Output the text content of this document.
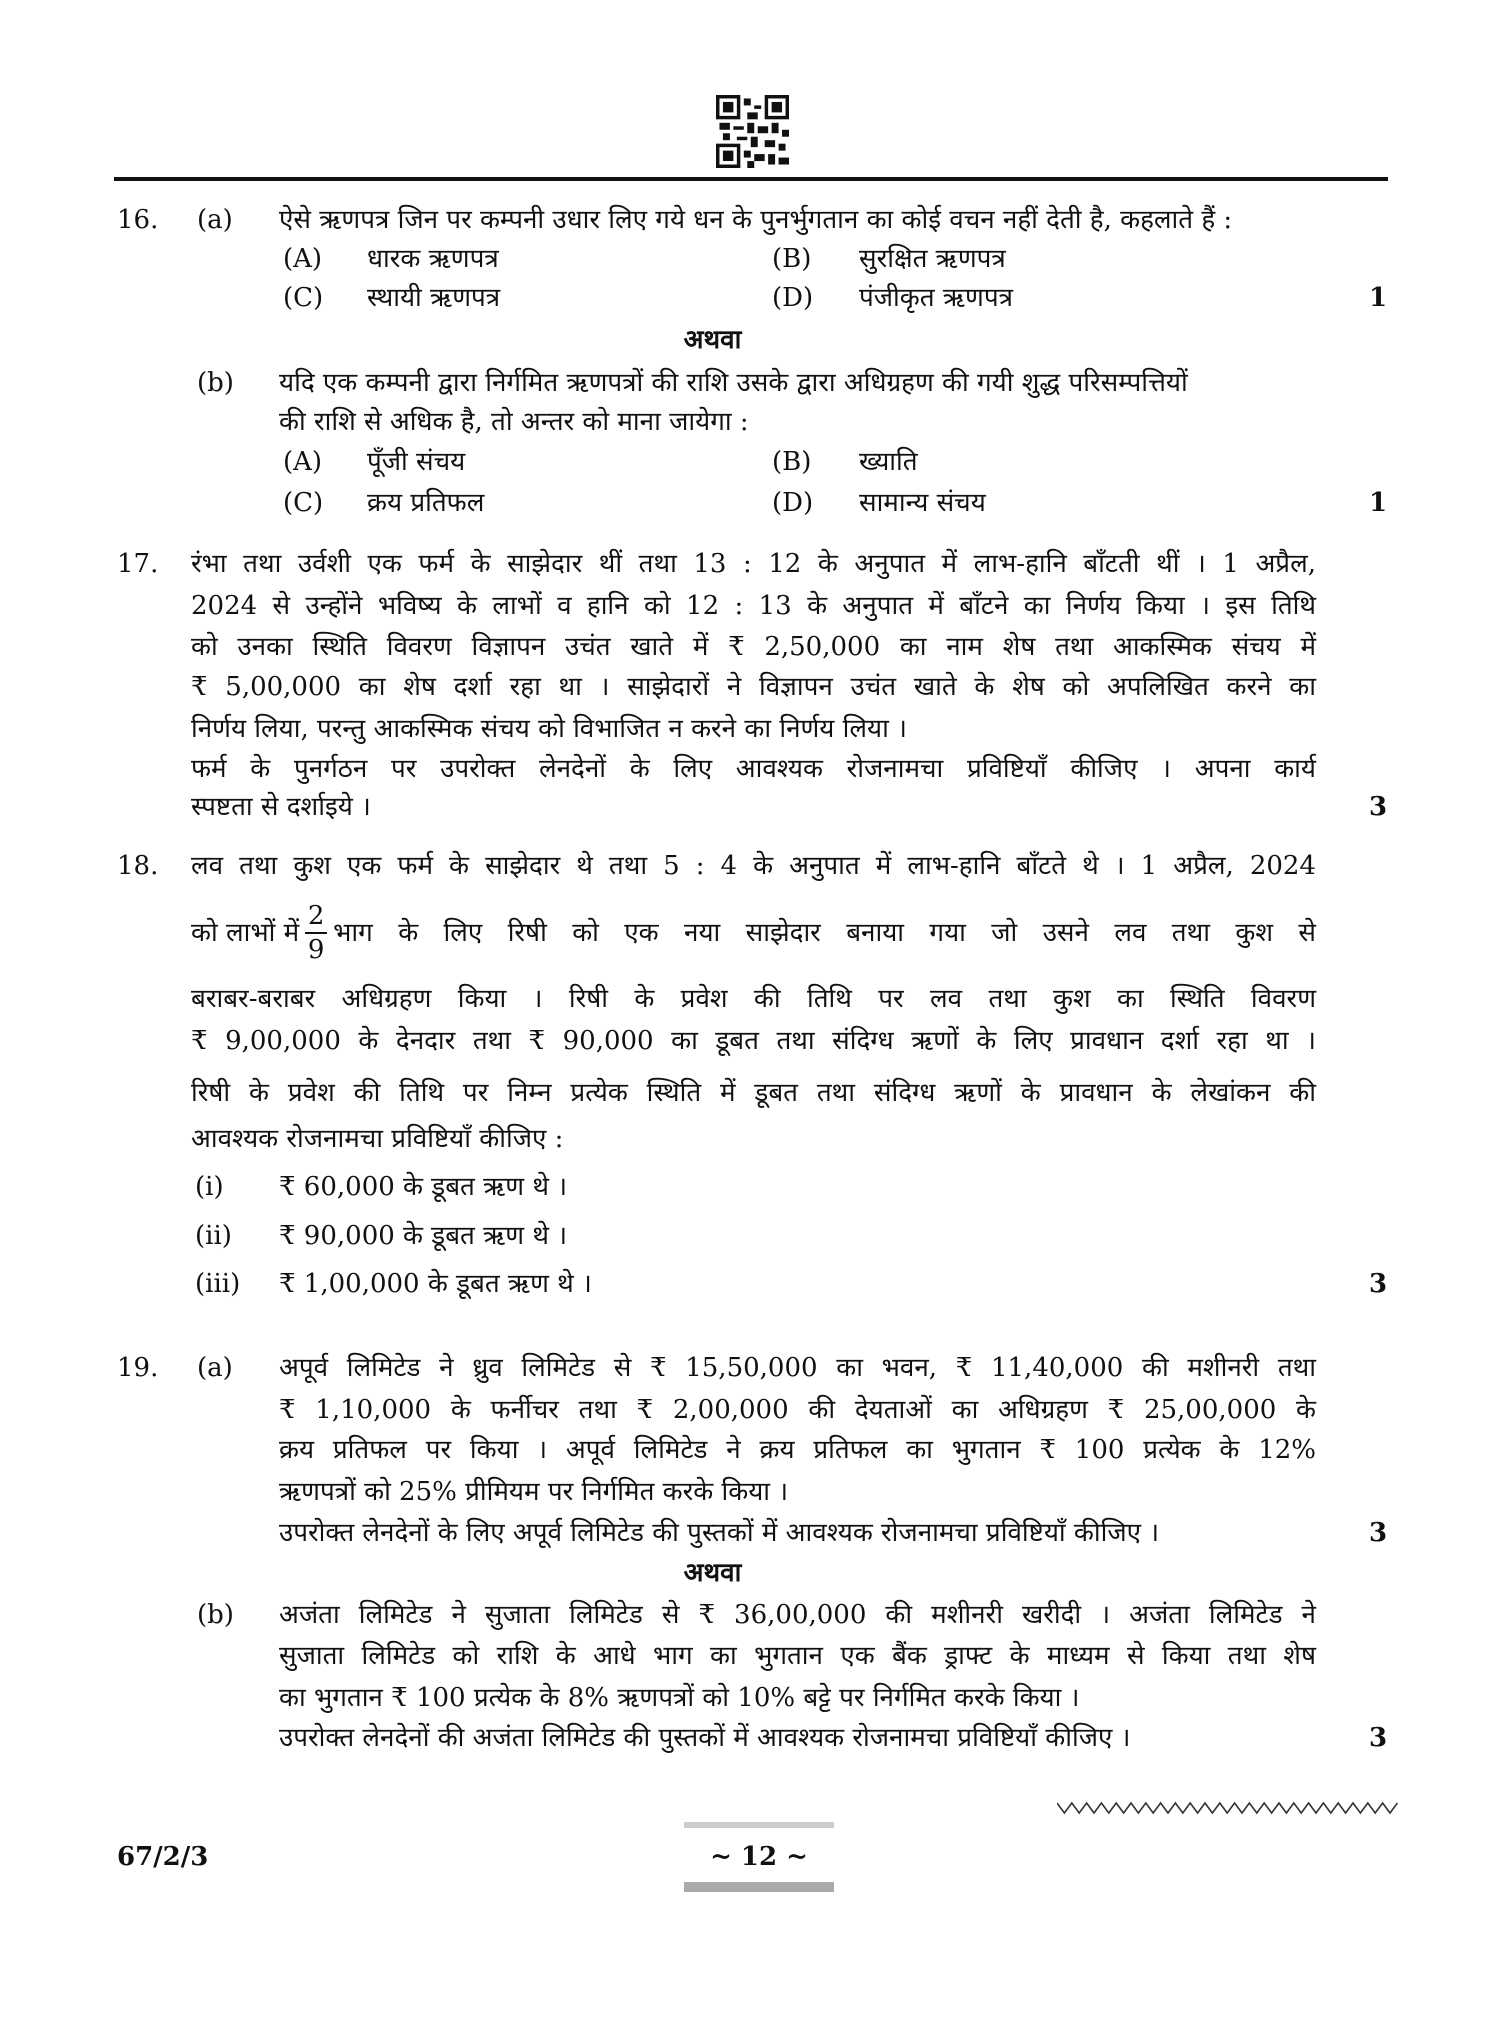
16. (a) ऐसे ऋणपत्र जिन पर कम्पनी उधार लिए गये धन के पुनर्भुगतान का कोई वचन नहीं देती है, कहलाते हैं :
(A) धारक ऋणपत्र	(B) सुरक्षित ऋणपत्र
(C) स्थायी ऋणपत्र	(D) पंजीकृत ऋणपत्र	1
अथवा
(b) यदि एक कम्पनी द्वारा निर्गमित ऋणपत्रों की राशि उसके द्वारा अधिग्रहण की गयी शुद्ध परिसम्पत्तियों
की राशि से अधिक है, तो अन्तर को माना जायेगा :
(A) पूँजी संचय	(B) ख्याति
(C) क्रय प्रतिफल	(D) सामान्य संचय	1
17. रंभा तथा उर्वशी एक फर्म के साझेदार थीं तथा 13 : 12 के अनुपात में लाभ-हानि बाँटती थीं । 1 अप्रैल,
2024 से उन्होंने भविष्य के लाभों व हानि को 12 : 13 के अनुपात में बाँटने का निर्णय किया । इस तिथि
को उनका स्थिति विवरण विज्ञापन उचंत खाते में ₹ 2,50,000 का नाम शेष तथा आकस्मिक संचय में
₹ 5,00,000 का शेष दर्शा रहा था । साझेदारों ने विज्ञापन उचंत खाते के शेष को अपलिखित करने का
निर्णय लिया, परन्तु आकस्मिक संचय को विभाजित न करने का निर्णय लिया ।
फर्म के पुनर्गठन पर उपरोक्त लेनदेनों के लिए आवश्यक रोजनामचा प्रविष्टियाँ कीजिए । अपना कार्य
स्पष्टता से दर्शाइये ।	3
18. लव तथा कुश एक फर्म के साझेदार थे तथा 5 : 4 के अनुपात में लाभ-हानि बाँटते थे । 1 अप्रैल, 2024
को लाभों में $\frac{2}{9}$ भाग के लिए रिषी को एक नया साझेदार बनाया गया जो उसने लव तथा कुश से
बराबर-बराबर अधिग्रहण किया । रिषी के प्रवेश की तिथि पर लव तथा कुश का स्थिति विवरण
₹ 9,00,000 के देनदार तथा ₹ 90,000 का डूबत तथा संदिग्ध ऋणों के लिए प्रावधान दर्शा रहा था ।
रिषी के प्रवेश की तिथि पर निम्न प्रत्येक स्थिति में डूबत तथा संदिग्ध ऋणों के प्रावधान के लेखांकन की
आवश्यक रोजनामचा प्रविष्टियाँ कीजिए :
(i) ₹ 60,000 के डूबत ऋण थे ।
(ii) ₹ 90,000 के डूबत ऋण थे ।
(iii) ₹ 1,00,000 के डूबत ऋण थे ।	3
19. (a) अपूर्व लिमिटेड ने ध्रुव लिमिटेड से ₹ 15,50,000 का भवन, ₹ 11,40,000 की मशीनरी तथा
₹ 1,10,000 के फर्नीचर तथा ₹ 2,00,000 की देयताओं का अधिग्रहण ₹ 25,00,000 के
क्रय प्रतिफल पर किया । अपूर्व लिमिटेड ने क्रय प्रतिफल का भुगतान ₹ 100 प्रत्येक के 12%
ऋणपत्रों को 25% प्रीमियम पर निर्गमित करके किया ।
उपरोक्त लेनदेनों के लिए अपूर्व लिमिटेड की पुस्तकों में आवश्यक रोजनामचा प्रविष्टियाँ कीजिए ।	3
अथवा
(b) अजंता लिमिटेड ने सुजाता लिमिटेड से ₹ 36,00,000 की मशीनरी खरीदी । अजंता लिमिटेड ने
सुजाता लिमिटेड को राशि के आधे भाग का भुगतान एक बैंक ड्राफ्ट के माध्यम से किया तथा शेष
का भुगतान ₹ 100 प्रत्येक के 8% ऋणपत्रों को 10% बट्टे पर निर्गमित करके किया ।
उपरोक्त लेनदेनों की अजंता लिमिटेड की पुस्तकों में आवश्यक रोजनामचा प्रविष्टियाँ कीजिए ।	3
67/2/3	~ 12 ~
